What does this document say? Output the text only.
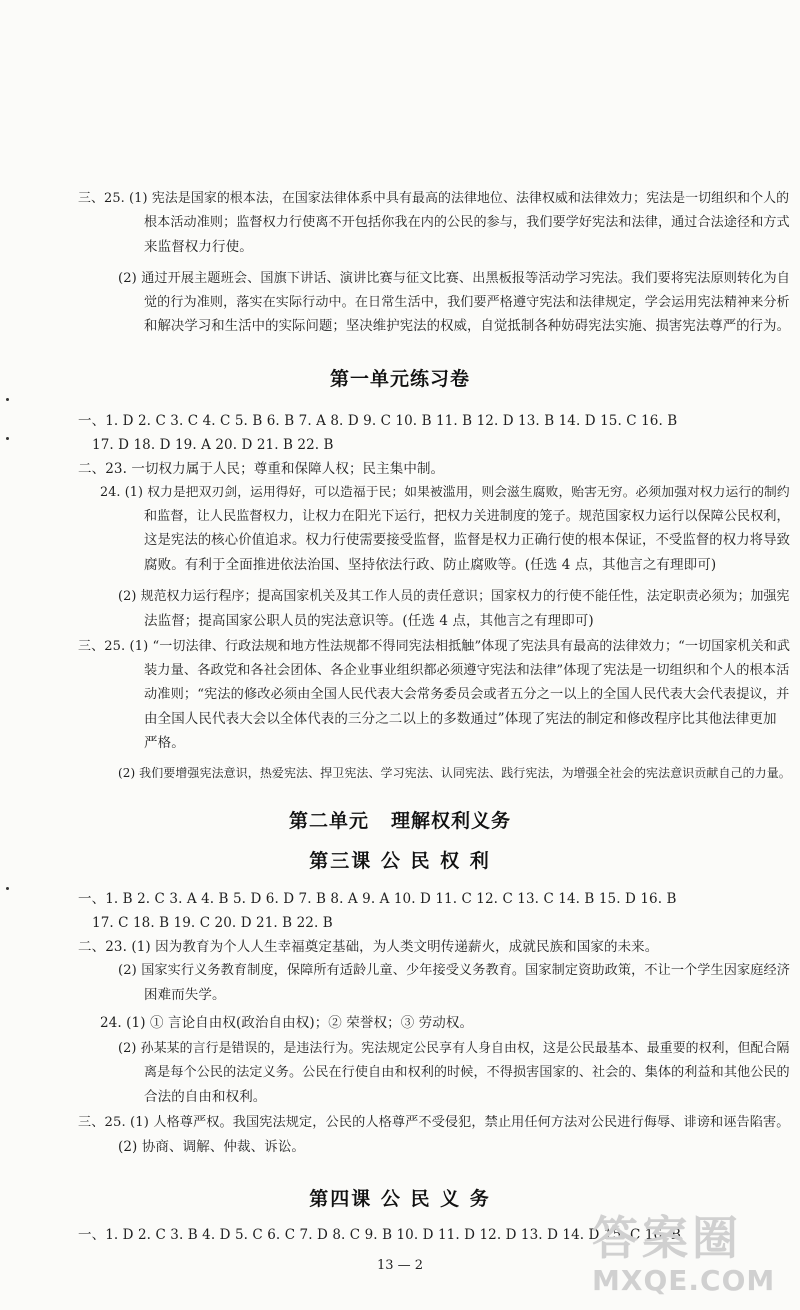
三、25. (1) 宪法是国家的根本法，在国家法律体系中具有最高的法律地位、法律权威和法律效力；宪法是一切组织和个人的
根本活动准则；监督权力行使离不开包括你我在内的公民的参与，我们要学好宪法和法律，通过合法途径和方式
来监督权力行使。
(2) 通过开展主题班会、国旗下讲话、演讲比赛与征文比赛、出黑板报等活动学习宪法。我们要将宪法原则转化为自
觉的行为准则，落实在实际行动中。在日常生活中，我们要严格遵守宪法和法律规定，学会运用宪法精神来分析
和解决学习和生活中的实际问题；坚决维护宪法的权威，自觉抵制各种妨碍宪法实施、损害宪法尊严的行为。
第一单元练习卷
一、1. D 2. C 3. C 4. C 5. B 6. B 7. A 8. D 9. C 10. B 11. B 12. D 13. B 14. D 15. C 16. B
17. D 18. D 19. A 20. D 21. B 22. B
二、23. 一切权力属于人民；尊重和保障人权；民主集中制。
24. (1) 权力是把双刃剑，运用得好，可以造福于民；如果被滥用，则会滋生腐败，贻害无穷。必须加强对权力运行的制约
和监督，让人民监督权力，让权力在阳光下运行，把权力关进制度的笼子。规范国家权力运行以保障公民权利，
这是宪法的核心价值追求。权力行使需要接受监督，监督是权力正确行使的根本保证，不受监督的权力将导致
腐败。有利于全面推进依法治国、坚持依法行政、防止腐败等。(任选 4 点，其他言之有理即可)
(2) 规范权力运行程序；提高国家机关及其工作人员的责任意识；国家权力的行使不能任性，法定职责必须为；加强宪
法监督；提高国家公职人员的宪法意识等。(任选 4 点，其他言之有理即可)
三、25. (1) “一切法律、行政法规和地方性法规都不得同宪法相抵触”体现了宪法具有最高的法律效力；“一切国家机关和武
装力量、各政党和各社会团体、各企业事业组织都必须遵守宪法和法律”体现了宪法是一切组织和个人的根本活
动准则；“宪法的修改必须由全国人民代表大会常务委员会或者五分之一以上的全国人民代表大会代表提议，并
由全国人民代表大会以全体代表的三分之二以上的多数通过”体现了宪法的制定和修改程序比其他法律更加
严格。
(2) 我们要增强宪法意识，热爱宪法、捍卫宪法、学习宪法、认同宪法、践行宪法，为增强全社会的宪法意识贡献自己的力量。
第二单元 理解权利义务
第三课 公 民 权 利
一、1. B 2. C 3. A 4. B 5. D 6. D 7. B 8. A 9. A 10. D 11. C 12. C 13. C 14. B 15. D 16. B
17. C 18. B 19. C 20. D 21. B 22. B
二、23. (1) 因为教育为个人人生幸福奠定基础，为人类文明传递薪火，成就民族和国家的未来。
(2) 国家实行义务教育制度，保障所有适龄儿童、少年接受义务教育。国家制定资助政策，不让一个学生因家庭经济
困难而失学。
24. (1) ① 言论自由权(政治自由权)；② 荣誉权；③ 劳动权。
(2) 孙某某的言行是错误的，是违法行为。宪法规定公民享有人身自由权，这是公民最基本、最重要的权利，但配合隔
离是每个公民的法定义务。公民在行使自由和权利的时候，不得损害国家的、社会的、集体的利益和其他公民的
合法的自由和权利。
三、25. (1) 人格尊严权。我国宪法规定，公民的人格尊严不受侵犯，禁止用任何方法对公民进行侮辱、诽谤和诬告陷害。
(2) 协商、调解、仲裁、诉讼。
第四课 公 民 义 务
一、1. D 2. C 3. B 4. D 5. C 6. C 7. D 8. C 9. B 10. D 11. D 12. D 13. D 14. D 15. C 16. B
13 — 2
答案圈
MXQE.COM
